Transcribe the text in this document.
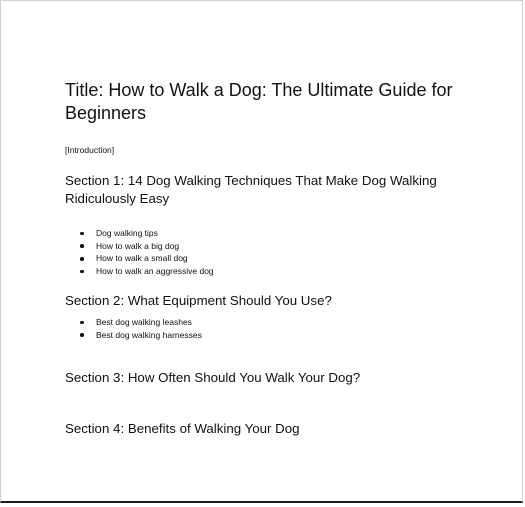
Title: How to Walk a Dog: The Ultimate Guide for Beginners

[Introduction]

Section 1: 14 Dog Walking Techniques That Make Dog Walking Ridiculously Easy
Dog walking tips
How to walk a big dog
How to walk a small dog
How to walk an aggressive dog
Section 2: What Equipment Should You Use?
Best dog walking leashes
Best dog walking harnesses
Section 3: How Often Should You Walk Your Dog?
Section 4: Benefits of Walking Your Dog
